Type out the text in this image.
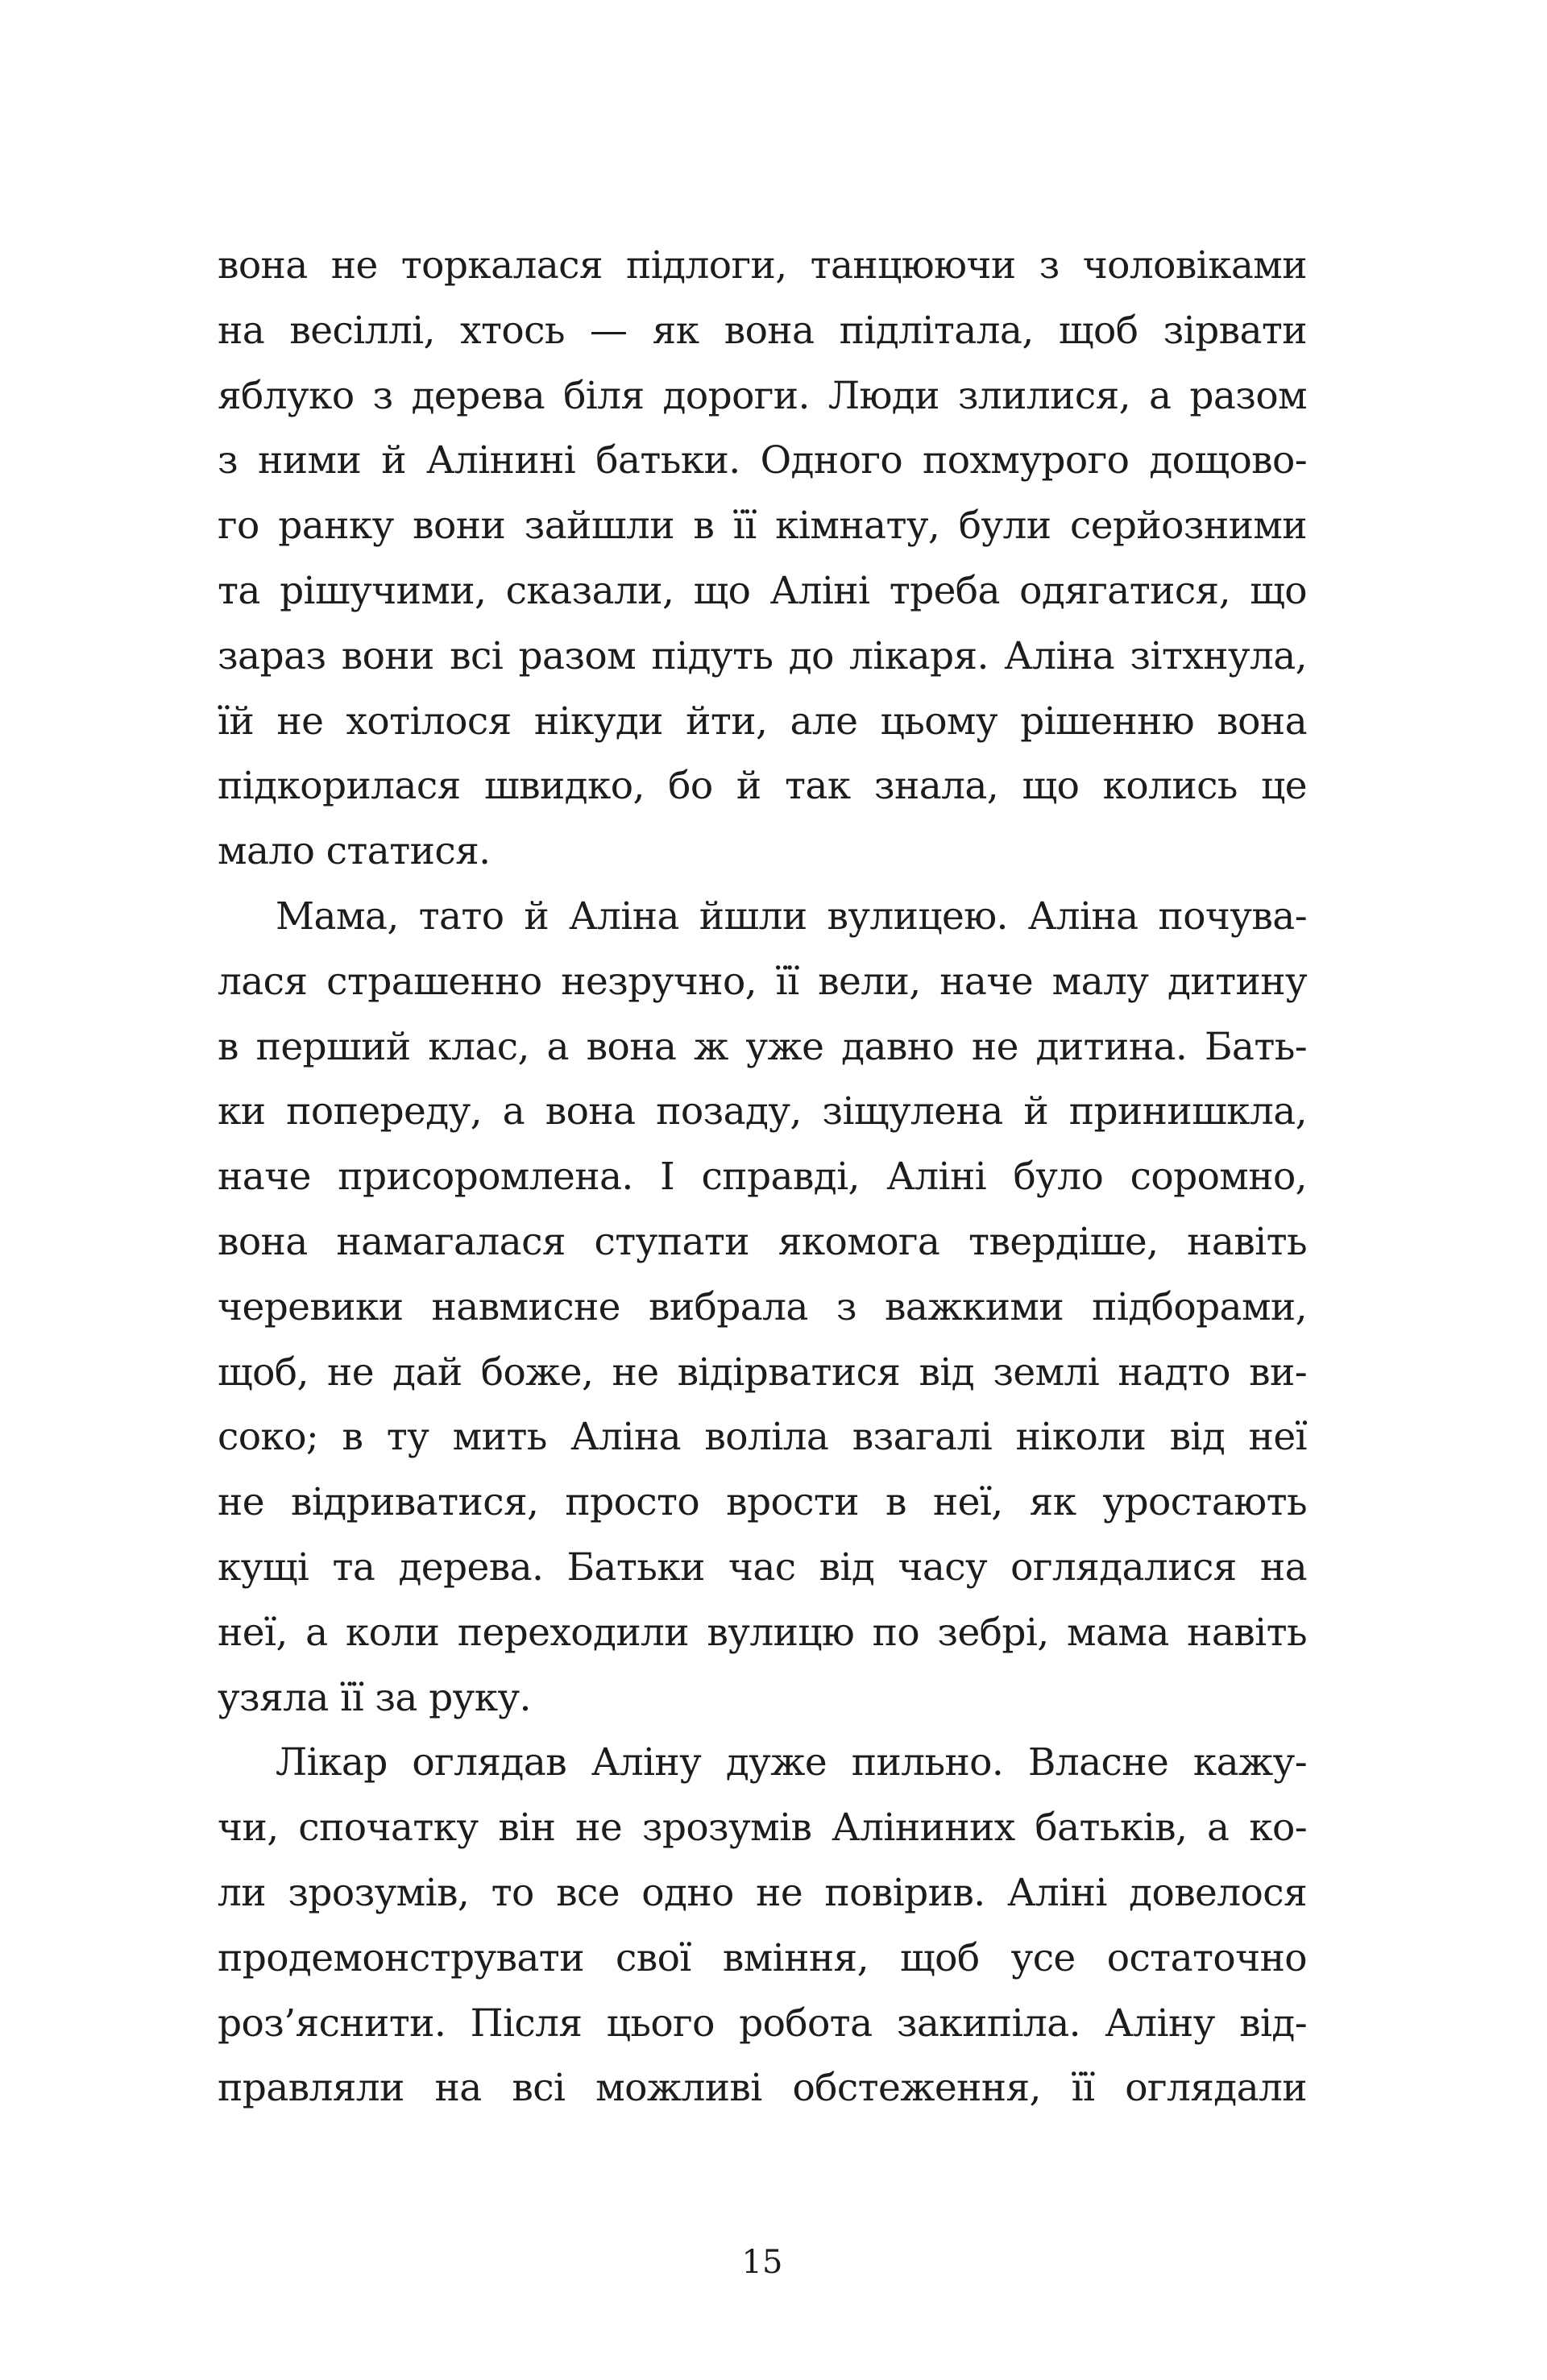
вона не торкалася підлоги, танцюючи з чоловіками
на весіллі, хтось — як вона підлітала, щоб зірвати
яблуко з дерева біля дороги. Люди злилися, а разом
з ними й Алінині батьки. Одного похмурого дощово-
го ранку вони зайшли в її кімнату, були серйозними
та рішучими, сказали, що Аліні треба одягатися, що
зараз вони всі разом підуть до лікаря. Аліна зітхнула,
їй не хотілося нікуди йти, але цьому рішенню вона
підкорилася швидко, бо й так знала, що колись це
мало статися.
Мама, тато й Аліна йшли вулицею. Аліна почува-
лася страшенно незручно, її вели, наче малу дитину
в перший клас, а вона ж уже давно не дитина. Бать-
ки попереду, а вона позаду, зіщулена й принишкла,
наче присоромлена. І справді, Аліні було соромно,
вона намагалася ступати якомога твердіше, навіть
черевики навмисне вибрала з важкими підборами,
щоб, не дай боже, не відірватися від землі надто ви-
соко; в ту мить Аліна воліла взагалі ніколи від неї
не відриватися, просто врости в неї, як уростають
кущі та дерева. Батьки час від часу оглядалися на
неї, а коли переходили вулицю по зебрі, мама навіть
узяла її за руку.
Лікар оглядав Аліну дуже пильно. Власне кажу-
чи, спочатку він не зрозумів Аліниних батьків, а ко-
ли зрозумів, то все одно не повірив. Аліні довелося
продемонструвати свої вміння, щоб усе остаточно
роз’яснити. Після цього робота закипіла. Аліну від-
правляли на всі можливі обстеження, її оглядали
15
